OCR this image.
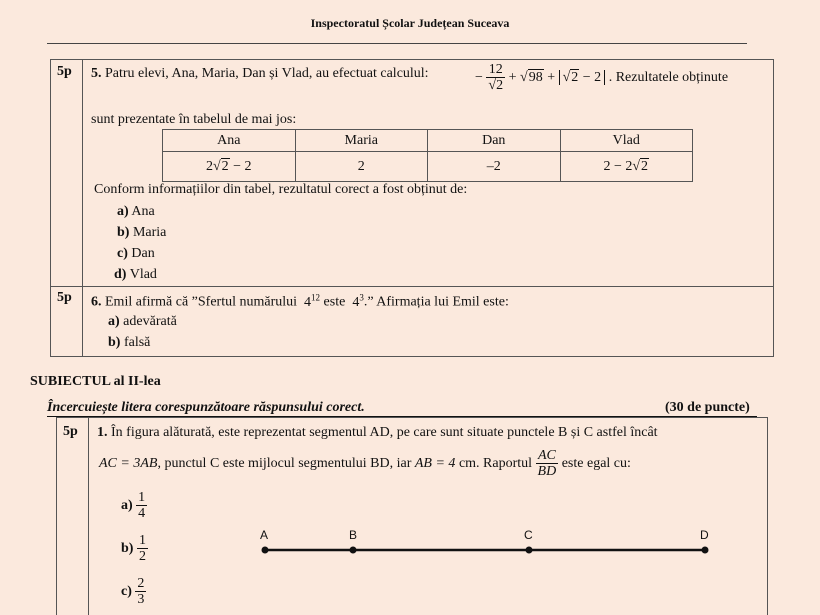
Inspectoratul Școlar Județean Suceava
5p 5. Patru elevi, Ana, Maria, Dan și Vlad, au efectuat calculul:	− $\frac{12}{√2} + √98 + √2 - 2$ . Rezultatele obținute
sunt prezentate în tabelul de mai jos:
Conform informațiilor din tabel, rezultatul corect a fost obținut de:
a) Ana
b) Maria
c) Dan
d) Vlad
5p 6. Emil afirmă că ”Sfertul numărului $4^{12}$ este $4^3$.” Afirmația lui Emil este:
a) adevărată
b) falsă
Ana	Maria	Dan	Vlad
2√2 − 2	2	–2	2 − 2√2
SUBIECTUL al II-lea
Încercuiește litera corespunzătoare răspunsului corect.	(30 de puncte)
5p 1. În figura alăturată, este reprezentat segmentul AD, pe care sunt situate punctele B și C astfel încât
AC = 3AB, punctul C este mijlocul segmentului BD, iar AB = 4 cm. Raportul $\frac{AC}{BD}$ este egal cu:
$a) \frac{1}{4}$
$b) \frac{1}{2}$
$c) \frac{2}{3}$
A	B	C	D
